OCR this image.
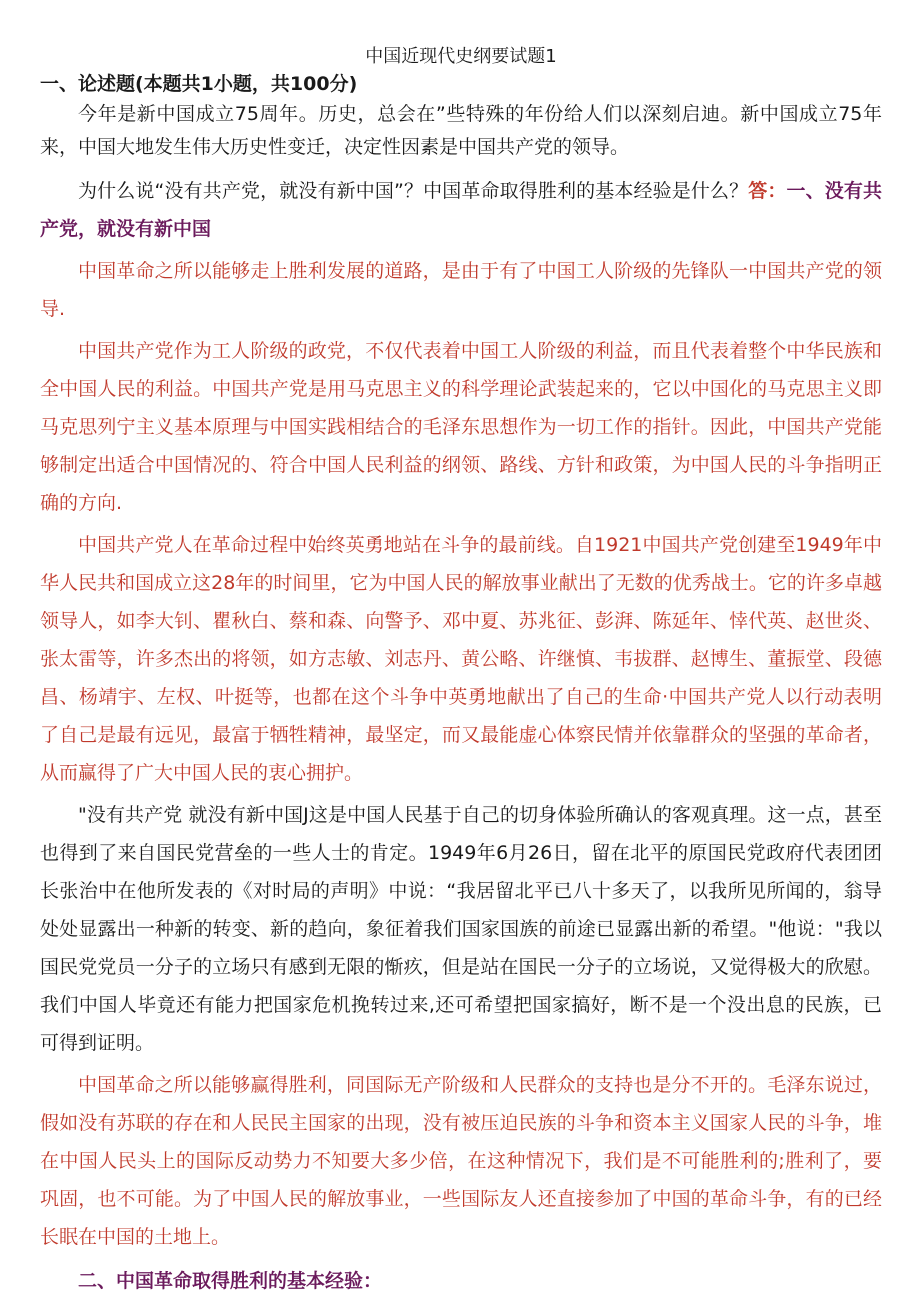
中国近现代史纲要试题1
一、论述题(本题共1小题，共100分)

今年是新中国成立75周年。历史，总会在”些特殊的年份给人们以深刻启迪。新中国成立75年来，中国大地发生伟大历史性变迁，决定性因素是中国共产党的领导。

为什么说“没有共产党，就没有新中国”？中国革命取得胜利的基本经验是什么？答：一、没有共产党，就没有新中国

中国革命之所以能够走上胜利发展的道路，是由于有了中国工人阶级的先锋队一中国共产党的领导.

中国共产党作为工人阶级的政党，不仅代表着中国工人阶级的利益，而且代表着整个中华民族和全中国人民的利益。中国共产党是用马克思主义的科学理论武装起来的，它以中国化的马克思主义即马克思列宁主义基本原理与中国实践相结合的毛泽东思想作为一切工作的指针。因此，中国共产党能够制定出适合中国情况的、符合中国人民利益的纲领、路线、方针和政策，为中国人民的斗争指明正确的方向.

中国共产党人在革命过程中始终英勇地站在斗争的最前线。自1921中国共产党创建至1949年中华人民共和国成立这28年的时间里，它为中国人民的解放事业献出了无数的优秀战士。它的许多卓越领导人，如李大钊、瞿秋白、蔡和森、向警予、邓中夏、苏兆征、彭湃、陈延年、悻代英、赵世炎、张太雷等，许多杰出的将领，如方志敏、刘志丹、黄公略、许继慎、韦拔群、赵博生、董振堂、段德昌、杨靖宇、左权、叶挺等，也都在这个斗争中英勇地献出了自己的生命·中国共产党人以行动表明了自己是最有远见，最富于牺牲精神，最坚定，而又最能虚心体察民情并依靠群众的坚强的革命者，从而赢得了广大中国人民的衷心拥护。

"没有共产党 就没有新中国J这是中国人民基于自己的切身体验所确认的客观真理。这一点，甚至也得到了来自国民党营垒的一些人士的肯定。1949年6月26日，留在北平的原国民党政府代表团团长张治中在他所发表的《对时局的声明》中说：“我居留北平已八十多天了，以我所见所闻的，翁导处处显露出一种新的转变、新的趋向，象征着我们国家国族的前途已显露出新的希望。"他说："我以国民党党员一分子的立场只有感到无限的惭疚，但是站在国民一分子的立场说，又觉得极大的欣慰。我们中国人毕竟还有能力把国家危机挽转过来,还可希望把国家搞好，断不是一个没出息的民族，已可得到证明。

中国革命之所以能够赢得胜利，同国际无产阶级和人民群众的支持也是分不开的。毛泽东说过，假如没有苏联的存在和人民民主国家的出现，没有被压迫民族的斗争和资本主义国家人民的斗争，堆在中国人民头上的国际反动势力不知要大多少倍，在这种情况下，我们是不可能胜利的;胜利了，要巩固，也不可能。为了中国人民的解放事业，一些国际友人还直接参加了中国的革命斗争，有的已经长眠在中国的土地上。

二、中国革命取得胜利的基本经验：
